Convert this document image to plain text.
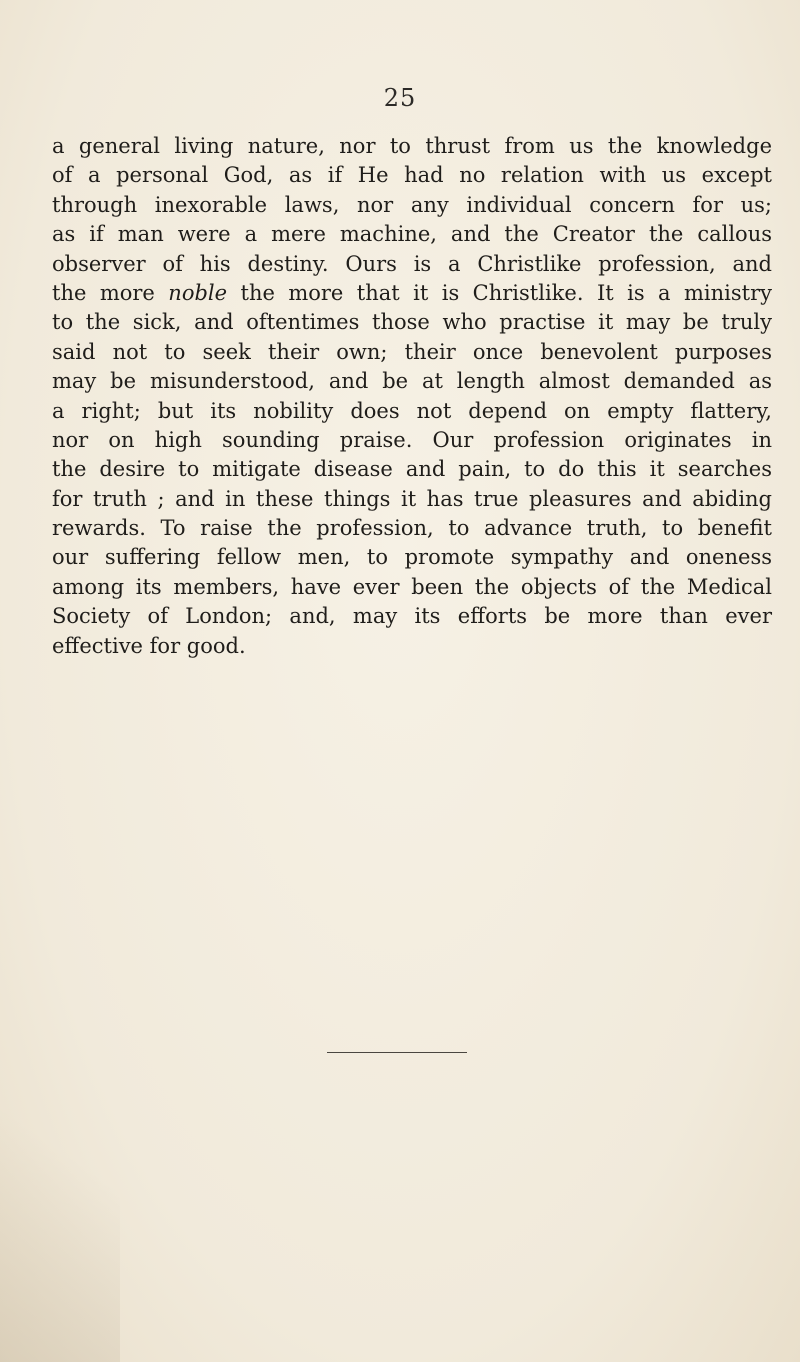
25
a general living nature, nor to thrust from us the knowledge
of a personal God, as if He had no relation with us except
through inexorable laws, nor any individual concern for us;
as if man were a mere machine, and the Creator the callous
observer of his destiny. Ours is a Christlike profession, and
the more noble the more that it is Christlike. It is a ministry
to the sick, and oftentimes those who practise it may be truly
said not to seek their own; their once benevolent purposes
may be misunderstood, and be at length almost demanded as
a right; but its nobility does not depend on empty flattery,
nor on high sounding praise. Our profession originates in
the desire to mitigate disease and pain, to do this it searches
for truth ; and in these things it has true pleasures and abiding
rewards. To raise the profession, to advance truth, to benefit
our suffering fellow men, to promote sympathy and oneness
among its members, have ever been the objects of the Medical
Society of London; and, may its efforts be more than ever
effective for good.
